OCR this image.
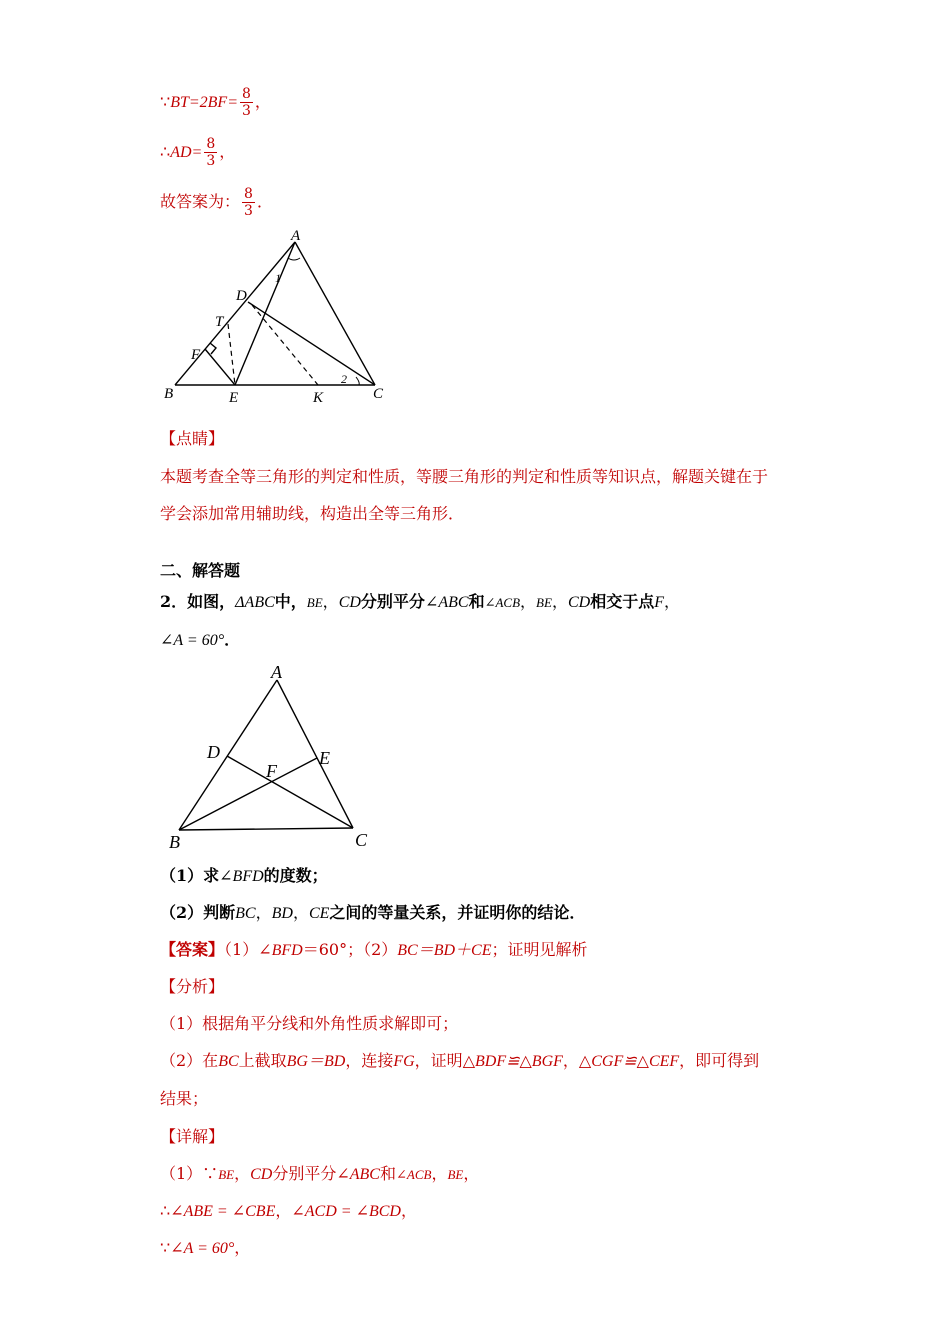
∵BT=2BF= $\frac{8}{3}$ ，
∴AD= $\frac{8}{3}$ ，
故答案为： $\frac{8}{3}$ ．
A
D
T
F
B	E	K	C
1
2
【点睛】
本题考查全等三角形的判定和性质，等腰三角形的判定和性质等知识点，解题关键在于
学会添加常用辅助线，构造出全等三角形．
二、解答题
2．如图，ΔABC中，BE，CD分别平分∠ABC和∠ACB，BE，CD相交于点F，
∠A = 60°．
A
D	E
F
B	C
（1）求∠BFD的度数；
（2）判断BC，BD，CE之间的等量关系，并证明你的结论．
【答案】（1）∠BFD＝60°；（2）BC＝BD＋CE；证明见解析
【分析】
（1）根据角平分线和外角性质求解即可；
（2）在BC上截取BG＝BD，连接FG，证明△BDF≌△BGF，△CGF≌△CEF，即可得到
结果；
【详解】
（1）∵BE，CD分别平分∠ABC和∠ACB，BE，
∴∠ABE = ∠CBE，∠ACD = ∠BCD，
∵∠A = 60°，
